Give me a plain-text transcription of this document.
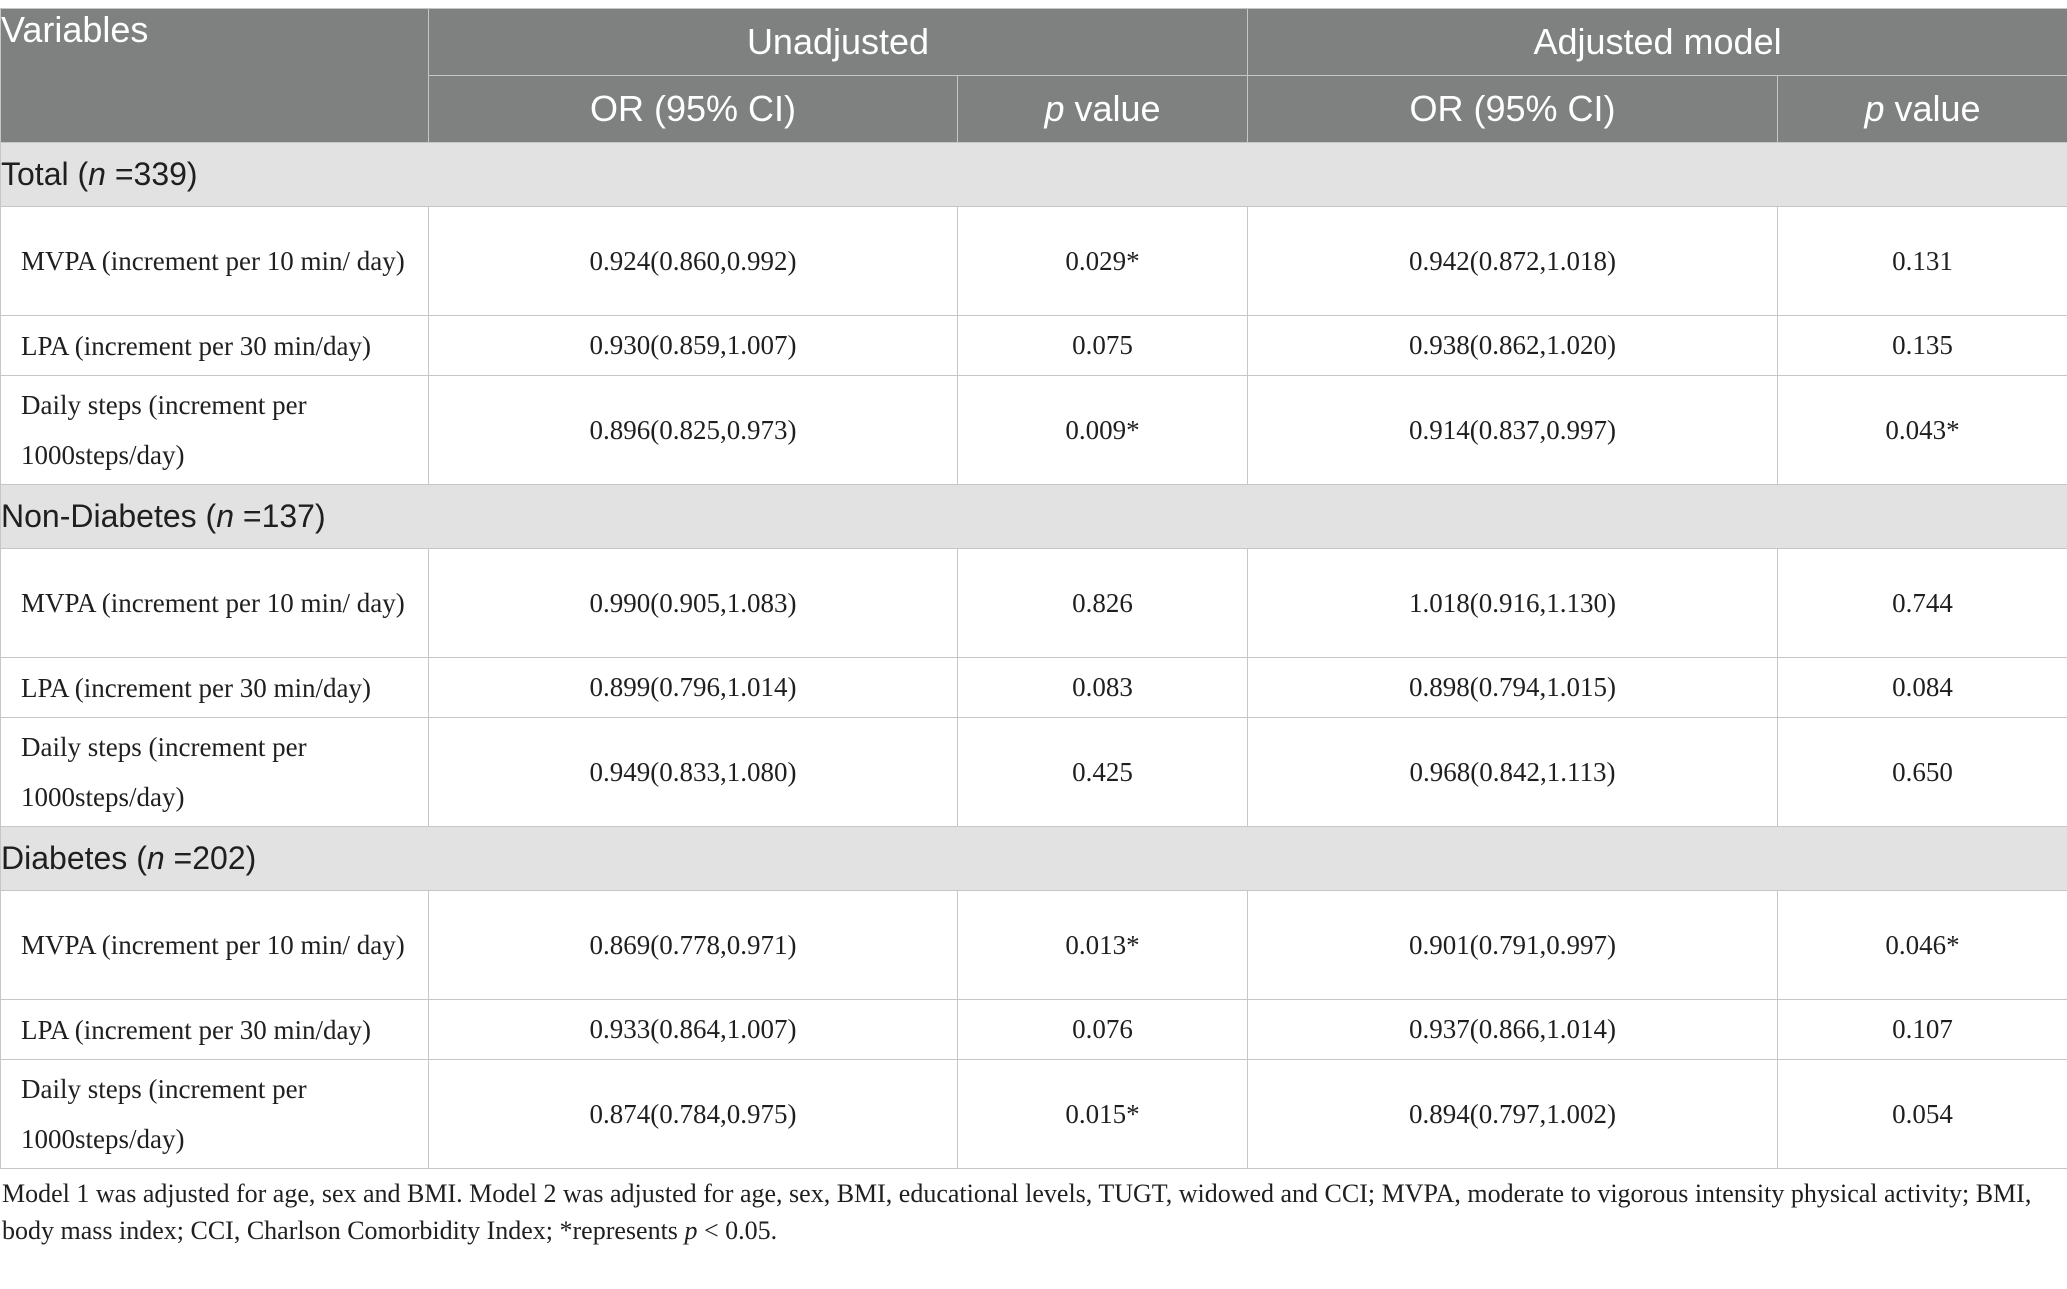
Variables	Unadjusted		Adjusted model	
	OR (95% CI)	p value	OR (95% CI)	p value
Total (n =339)				
MVPA (increment per 10 min/ day)	0.924(0.860,0.992)	0.029*	0.942(0.872,1.018)	0.131
LPA (increment per 30 min/day)	0.930(0.859,1.007)	0.075	0.938(0.862,1.020)	0.135
Daily steps (increment per 1000steps/day)	0.896(0.825,0.973)	0.009*	0.914(0.837,0.997)	0.043*
Non-Diabetes (n =137)				
MVPA (increment per 10 min/ day)	0.990(0.905,1.083)	0.826	1.018(0.916,1.130)	0.744
LPA (increment per 30 min/day)	0.899(0.796,1.014)	0.083	0.898(0.794,1.015)	0.084
Daily steps (increment per 1000steps/day)	0.949(0.833,1.080)	0.425	0.968(0.842,1.113)	0.650
Diabetes (n =202)				
MVPA (increment per 10 min/ day)	0.869(0.778,0.971)	0.013*	0.901(0.791,0.997)	0.046*
LPA (increment per 30 min/day)	0.933(0.864,1.007)	0.076	0.937(0.866,1.014)	0.107
Daily steps (increment per 1000steps/day)	0.874(0.784,0.975)	0.015*	0.894(0.797,1.002)	0.054
Model 1 was adjusted for age, sex and BMI. Model 2 was adjusted for age, sex, BMI, educational levels, TUGT, widowed and CCI; MVPA, moderate to vigorous intensity physical activity; BMI, body mass index; CCI, Charlson Comorbidity Index; *represents p < 0.05.
